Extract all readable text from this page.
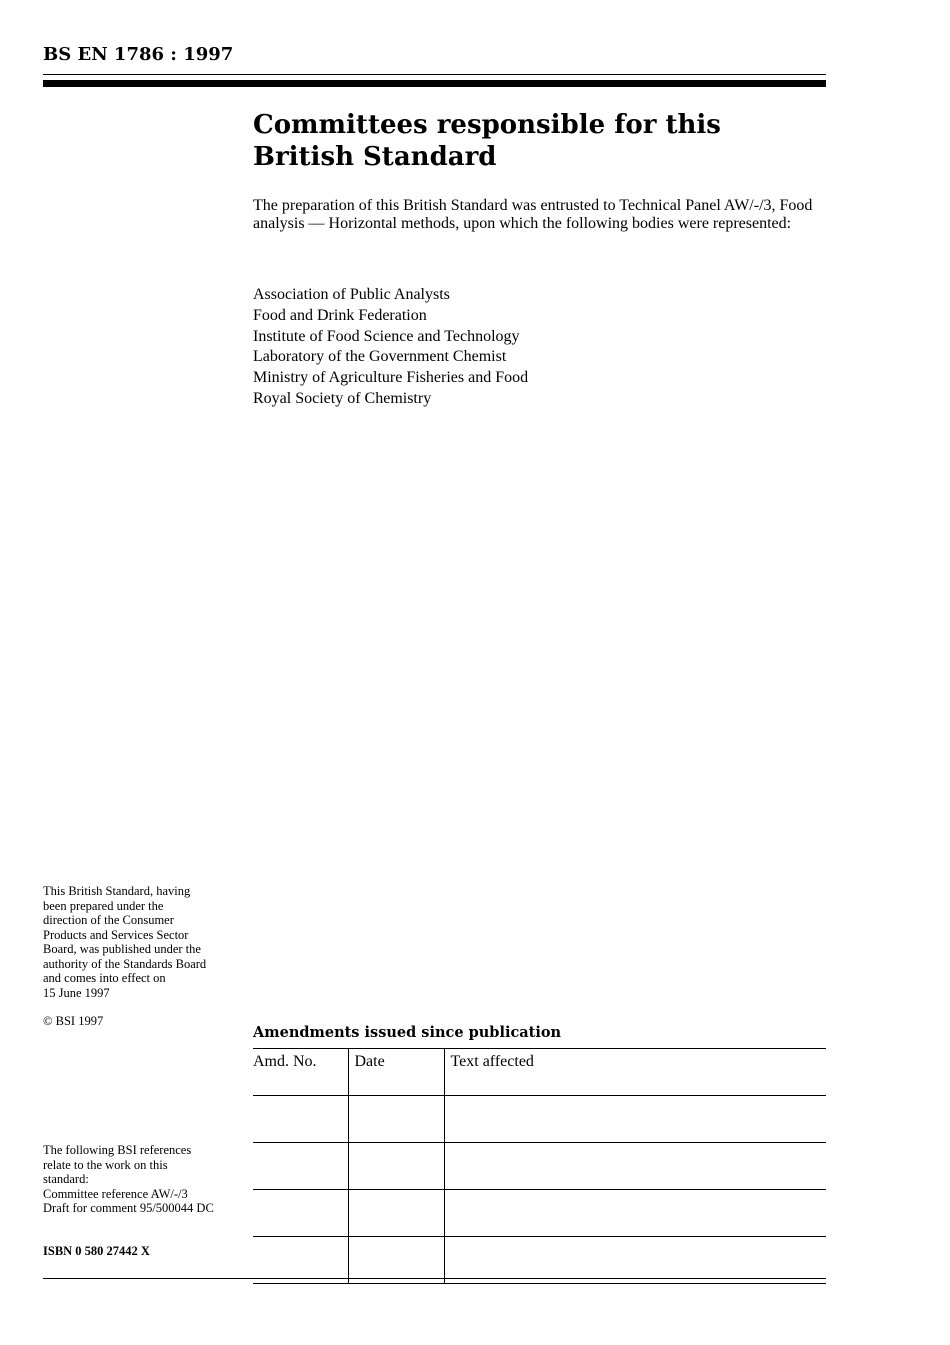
BS EN 1786 : 1997
Committees responsible for this
British Standard
The preparation of this British Standard was entrusted to Technical Panel AW/-/3, Food analysis — Horizontal methods, upon which the following bodies were represented:
Association of Public Analysts
Food and Drink Federation
Institute of Food Science and Technology
Laboratory of the Government Chemist
Ministry of Agriculture Fisheries and Food
Royal Society of Chemistry
This British Standard, having
been prepared under the
direction of the Consumer
Products and Services Sector
Board, was published under the
authority of the Standards Board
and comes into effect on
15 June 1997
© BSI 1997
The following BSI references
relate to the work on this
standard:
Committee reference AW/-/3
Draft for comment 95/500044 DC
ISBN 0 580 27442 X
Amendments issued since publication
Amd. No.	Date	Text affected
